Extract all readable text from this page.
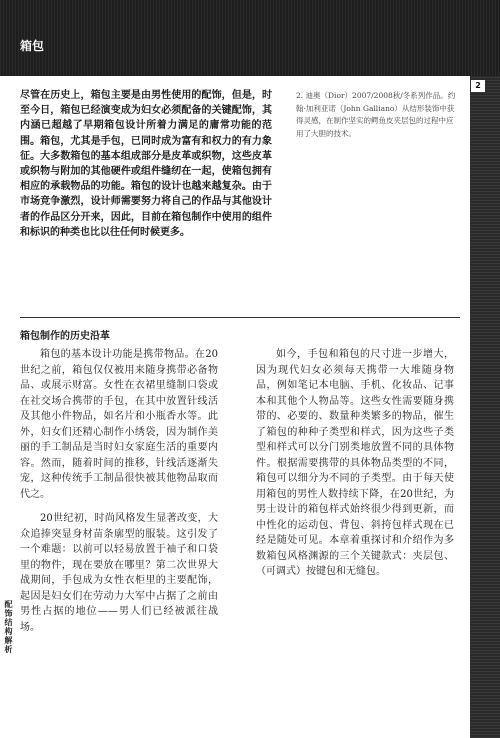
箱包
2

尽管在历史上，箱包主要是由男性使用的配饰，但是，时至今日，箱包已经演变成为妇女必须配备的关键配饰，其内涵已超越了早期箱包设计所着力满足的庸常功能的范围。箱包，尤其是手包，已同时成为富有和权力的有力象征。大多数箱包的基本组成部分是皮革或织物，这些皮革或织物与附加的其他硬件或组件缝纫在一起，使箱包拥有相应的承载物品的功能。箱包的设计也越来越复杂。由于市场竞争激烈，设计师需要努力将自己的作品与其他设计者的作品区分开来，因此，目前在箱包制作中使用的组件和标识的种类也比以往任何时候更多。

2. 迪奥（Dior）2007/2008秋/冬系列作品。约翰·加利亚诺（John Galliano）从结形装饰中获得灵感，在制作坚实的鳄鱼皮夹层包的过程中应用了大胆的技术。

箱包制作的历史沿革

箱包的基本设计功能是携带物品。在20世纪之前，箱包仅仅被用来随身携带必备物品、或展示财富。女性在衣裙里缝制口袋或在社交场合携带的手包，在其中放置针线活及其他小件物品，如名片和小瓶香水等。此外，妇女们还精心制作小绣袋，因为制作美丽的手工制品是当时妇女家庭生活的重要内容。然而，随着时间的推移，针线活逐渐失宠，这种传统手工制品很快被其他物品取而代之。

20世纪初，时尚风格发生显著改变，大众追捧突显身材苗条廓型的服装。这引发了一个难题：以前可以轻易放置于袖子和口袋里的物件，现在要放在哪里？第二次世界大战期间，手包成为女性衣柜里的主要配饰，起因是妇女们在劳动力大军中占据了之前由男性占据的地位——男人们已经被派往战场。

如今，手包和箱包的尺寸进一步增大，因为现代妇女必须每天携带一大堆随身物品，例如笔记本电脑、手机、化妆品、记事本和其他个人物品等。这些女性需要随身携带的、必要的、数量种类繁多的物品，催生了箱包的种种子类型和样式，因为这些子类型和样式可以分门别类地放置不同的具体物件。根据需要携带的具体物品类型的不同，箱包可以细分为不同的子类型。由于每天使用箱包的男性人数持续下降，在20世纪，为男士设计的箱包样式始终很少得到更新，而中性化的运动包、背包、斜挎包样式现在已经是随处可见。本章着重探讨和介绍作为多数箱包风格渊源的三个关键款式：夹层包、（可调式）按键包和无缝包。

配饰结构解析
